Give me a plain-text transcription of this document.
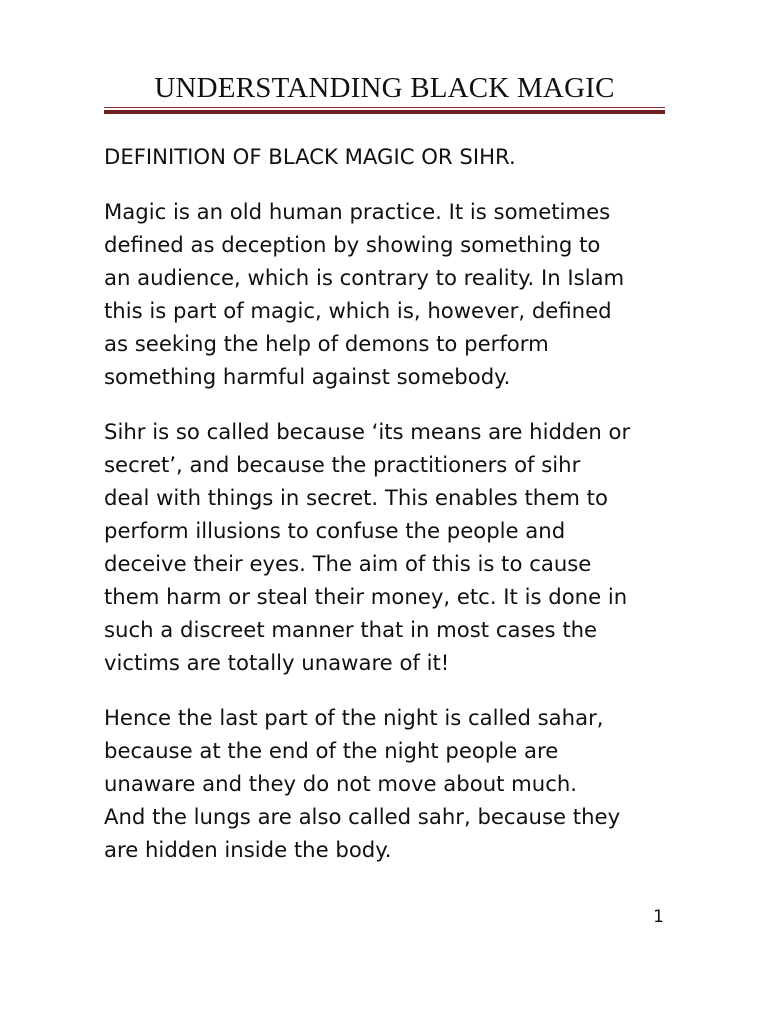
UNDERSTANDING BLACK MAGIC
DEFINITION OF BLACK MAGIC OR SIHR.
Magic is an old human practice. It is sometimes
defined as deception by showing something to
an audience, which is contrary to reality. In Islam
this is part of magic, which is, however, defined
as seeking the help of demons to perform
something harmful against somebody.
Sihr is so called because ‘its means are hidden or
secret’, and because the practitioners of sihr
deal with things in secret. This enables them to
perform illusions to confuse the people and
deceive their eyes. The aim of this is to cause
them harm or steal their money, etc. It is done in
such a discreet manner that in most cases the
victims are totally unaware of it!
Hence the last part of the night is called sahar,
because at the end of the night people are
unaware and they do not move about much.
And the lungs are also called sahr, because they
are hidden inside the body.
1
